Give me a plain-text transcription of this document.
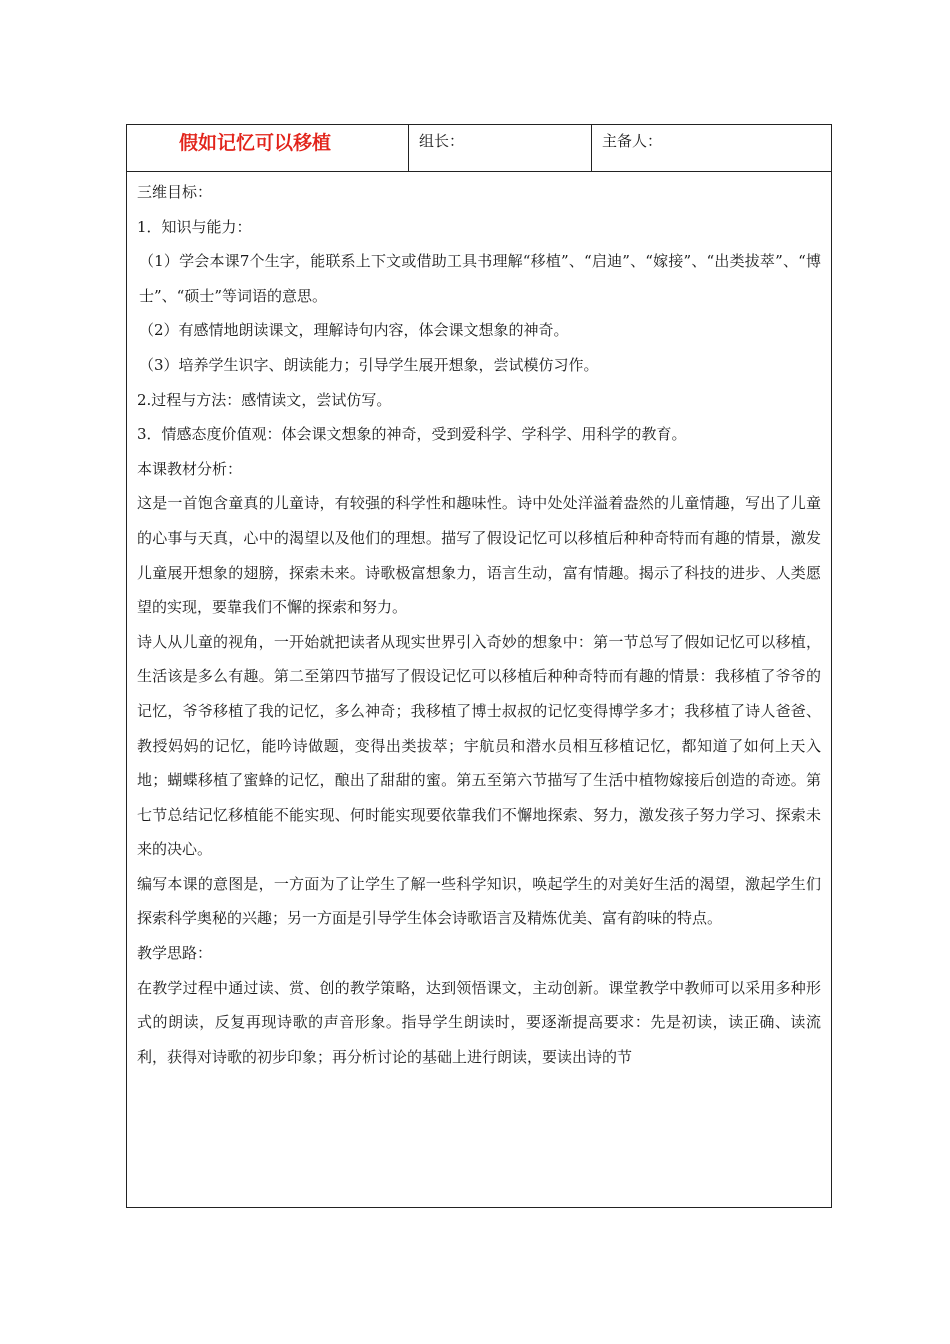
假如记忆可以移植	组长：	主备人：

三维目标：

1．知识与能力：

（1）学会本课7个生字，能联系上下文或借助工具书理解“移植”、“启迪”、“嫁接”、“出类拔萃”、“博士”、“硕士”等词语的意思。

（2）有感情地朗读课文，理解诗句内容，体会课文想象的神奇。

（3）培养学生识字、朗读能力；引导学生展开想象，尝试模仿习作。

2.过程与方法：感情读文，尝试仿写。

3．情感态度价值观：体会课文想象的神奇，受到爱科学、学科学、用科学的教育。

本课教材分析：

这是一首饱含童真的儿童诗，有较强的科学性和趣味性。诗中处处洋溢着盎然的儿童情趣，写出了儿童的心事与天真，心中的渴望以及他们的理想。描写了假设记忆可以移植后种种奇特而有趣的情景，激发儿童展开想象的翅膀，探索未来。诗歌极富想象力，语言生动，富有情趣。揭示了科技的进步、人类愿望的实现，要靠我们不懈的探索和努力。

诗人从儿童的视角，一开始就把读者从现实世界引入奇妙的想象中：第一节总写了假如记忆可以移植，生活该是多么有趣。第二至第四节描写了假设记忆可以移植后种种奇特而有趣的情景：我移植了爷爷的记忆，爷爷移植了我的记忆，多么神奇；我移植了博士叔叔的记忆变得博学多才；我移植了诗人爸爸、教授妈妈的记忆，能吟诗做题，变得出类拔萃；宇航员和潜水员相互移植记忆，都知道了如何上天入地；蝴蝶移植了蜜蜂的记忆，酿出了甜甜的蜜。第五至第六节描写了生活中植物嫁接后创造的奇迹。第七节总结记忆移植能不能实现、何时能实现要依靠我们不懈地探索、努力，激发孩子努力学习、探索未来的决心。

编写本课的意图是，一方面为了让学生了解一些科学知识，唤起学生的对美好生活的渴望，激起学生们探索科学奥秘的兴趣；另一方面是引导学生体会诗歌语言及精炼优美、富有韵味的特点。

教学思路：

在教学过程中通过读、赏、创的教学策略，达到领悟课文，主动创新。课堂教学中教师可以采用多种形式的朗读，反复再现诗歌的声音形象。指导学生朗读时，要逐渐提高要求：先是初读，读正确、读流利，获得对诗歌的初步印象；再分析讨论的基础上进行朗读，要读出诗的节
